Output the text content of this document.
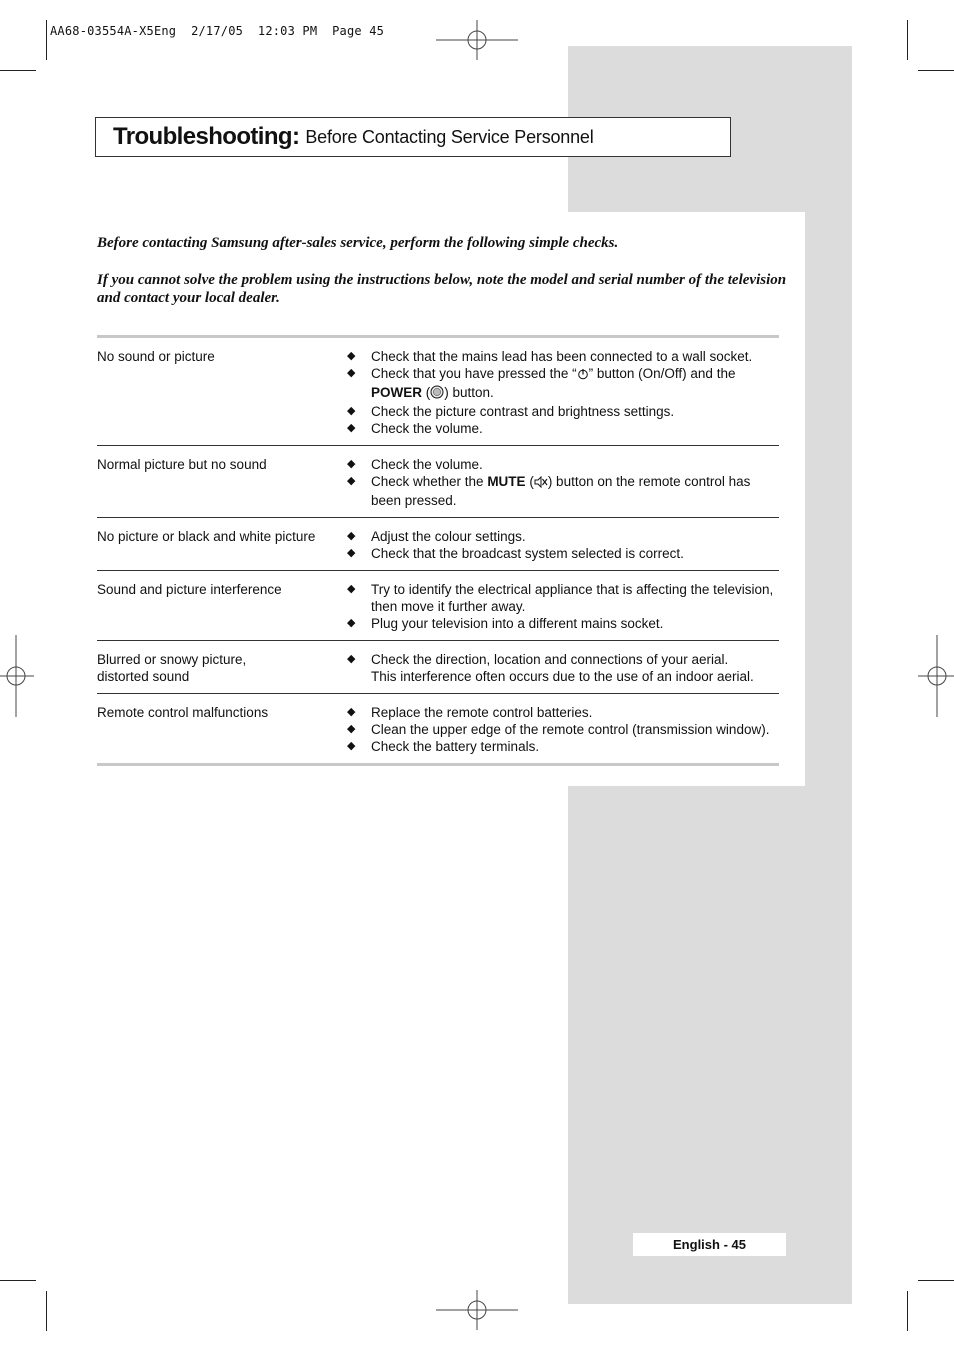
AA68-03554A-X5Eng  2/17/05  12:03 PM  Page 45
Troubleshooting: Before Contacting Service Personnel
Before contacting Samsung after-sales service, perform the following simple checks.
If you cannot solve the problem using the instructions below, note the model and serial number of the television and contact your local dealer.
No sound or picture	◆	Check that the mains lead has been connected to a wall socket.
◆	Check that you have pressed the “ ” button (On/Off) and the POWER ( ) button.
◆	Check the picture contrast and brightness settings.
◆	Check the volume.
Normal picture but no sound	◆	Check the volume.
◆	Check whether the MUTE ( ) button on the remote control has been pressed.
No picture or black and white picture	◆	Adjust the colour settings.
◆	Check that the broadcast system selected is correct.
Sound and picture interference	◆	Try to identify the electrical appliance that is affecting the television, then move it further away.
◆	Plug your television into a different mains socket.
Blurred or snowy picture,
distorted sound
◆	Check the direction, location and connections of your aerial.
This interference often occurs due to the use of an indoor aerial.
Remote control malfunctions	◆	Replace the remote control batteries.
◆	Clean the upper edge of the remote control (transmission window).
◆	Check the battery terminals.
English - 45
